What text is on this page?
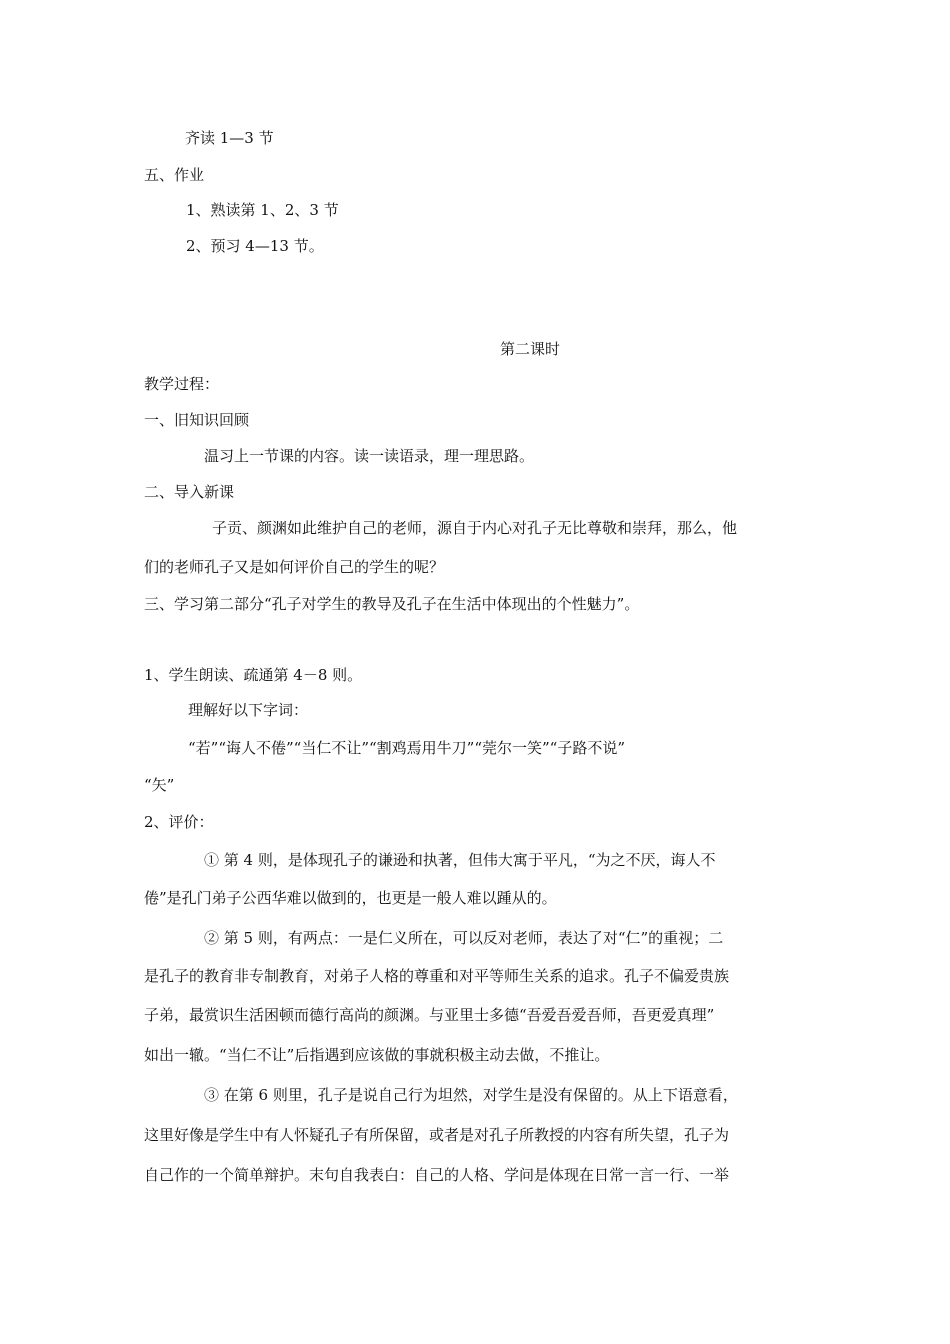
齐读 1—3 节
五、作业
1、熟读第 1、2、3 节
2、预习 4—13 节。
第二课时
教学过程：
一、旧知识回顾
温习上一节课的内容。读一读语录，理一理思路。
二、导入新课
子贡、颜渊如此维护自己的老师，源自于内心对孔子无比尊敬和崇拜，那么，他
们的老师孔子又是如何评价自己的学生的呢？
三、学习第二部分“孔子对学生的教导及孔子在生活中体现出的个性魅力”。
1、学生朗读、疏通第 4－8 则。
理解好以下字词：
“若”“诲人不倦”“当仁不让”“割鸡焉用牛刀”“莞尔一笑”“子路不说”
“矢”
2、评价：
① 第 4 则，是体现孔子的谦逊和执著，但伟大寓于平凡，“为之不厌，诲人不
倦”是孔门弟子公西华难以做到的，也更是一般人难以踵从的。
② 第 5 则，有两点：一是仁义所在，可以反对老师，表达了对“仁”的重视；二
是孔子的教育非专制教育，对弟子人格的尊重和对平等师生关系的追求。孔子不偏爱贵族
子弟，最赏识生活困顿而德行高尚的颜渊。与亚里士多德“吾爱吾爱吾师，吾更爱真理”
如出一辙。“当仁不让”后指遇到应该做的事就积极主动去做，不推让。
③ 在第 6 则里，孔子是说自己行为坦然，对学生是没有保留的。从上下语意看，
这里好像是学生中有人怀疑孔子有所保留，或者是对孔子所教授的内容有所失望，孔子为
自己作的一个简单辩护。末句自我表白：自己的人格、学问是体现在日常一言一行、一举
